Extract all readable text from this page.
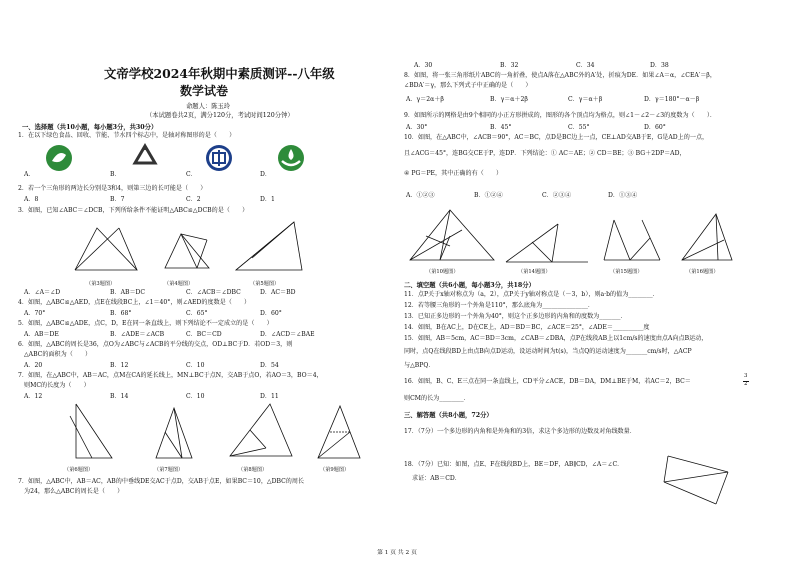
文帝学校2024年秋期中素质测评--八年级
数学试卷
命题人：陈玉玲
（本试题卷共2页，满分120分，考试时间120分钟）
一、选择题（共10小题，每小题3分，共30分）
1．在以下绿色食品、回收、节能、节水四个标志中，是轴对称图形的是（　　）
A．	B．	C．	D．
2．若一个三角形的两边长分别是3和4，则第三边的长可能是（　　）
A．8	B．7	C．2	D．1
3．如图，已知∠ABC＝∠DCB，下列所给条件不能证明△ABC≌△DCB的是（　　）
（第3题图）	（第4题图）	（第5题图）
A．∠A＝∠D	B．AB＝DC	C．∠ACB＝∠DBC	D．AC＝BD
4．如图，△ABC≌△AED，点E在线段BC上，∠1＝40°，则∠AED的度数是（　　）
A．70°	B．68°	C．65°	D．60°
5．如图，△ABC≌△ADE，点C，D，E在同一条直线上，则下列结论不一定成立的是（　　）
A．AB＝DE	B．∠ADE＝∠ACB	C．BC＝CD	D．∠ACD＝∠BAE
6．如图，△ABC的周长是36，点O为∠ABC与∠ACB的平分线的交点，OD⊥BC于D．若OD＝3，则
△ABC的面积为（　　）
A．20	B．12	C．10	D．54
7．如图，在△ABC中，AB＝AC，点M在CA的延长线上，MN⊥BC于点N，交AB于点O，若AO＝3，BO＝4，
则MC的长度为（　　）
A．12	B．14	C．10	D．11
（第6题图）	（第7题图）	（第8题图）	（第9题图）
7．如图，△ABC中，AB＝AC，AB的中垂线DE交AC于点D，交AB于点E，如果BC＝10，△DBC的周长
为24，那么△ABC的周长是（　　）
A．30	B．32	C．34	D．38
8．如图，将一张三角形纸片ABC的一角折叠，使点A落在△ABC外的A′处，折痕为DE．如果∠A＝α，∠CEA′＝β，
∠BDA′＝γ，那么下列式子中正确的是（　　）
A．γ＝2α＋β	B．γ＝α＋2β	C．γ＝α＋β	D．γ＝180°－α－β
9．如图所示的网格是由9个相同的小正方形拼成的，图形的各个顶点均为格点，则∠1－∠2－∠3的度数为（　　）．
A．30°	B．45°	C．55°	D．60°
10．如图，在△ABC中，∠ACB＝90°，AC＝BC，点D是BC边上一点，CE⊥AD交AB于E，G是AD上的一点，
且∠ACG＝45°，连BG交CE于P，连DP．下列结论：① AC＝AE；② CD＝BE；③ BG＋2DP＝AD，
④ PG＝PE，其中正确的有（　　）
A．①②③	B．①②④	C．②③④	D．①③④
（第10题图）	（第14题图）	（第15题图）	（第16题图）
二、填空题（共6小题，每小题3分，共18分）
11．点P关于x轴对称点为（a，2），点P关于y轴对称点是（－3，b），则a·b的值为________．
12．若等腰三角形的一个外角是110°，那么底角为_______________．
13．已知正多边形的一个外角为40°，则这个正多边形的内角和的度数为_______．
14．如图，B在AC上，D在CE上，AD＝BD＝BC，∠ACE＝25°，∠ADE＝__________度
15．如图，AB＝5cm，AC＝BD＝3cm，∠CAB＝∠DBA，点P在线段AB上以1cm/s的速度由点A向点B运动，
同时，点Q在线段BD上由点B向点D运动，设运动时间为t(s)，当点Q的运动速度为_______cm/s时，△ACP
与△BPQ．
16．如图，B、C、E三点在同一条直线上，CD平分∠ACE，DB＝DA，DM⊥BE于M，若AC＝2，BC＝
3
2
则CM的长为________．
三、解答题（共8小题，72分）
17．（7分）一个多边形的内角和是外角和的3倍，求这个多边形的边数及对角线数量．
18．（7分）已知：如图，点E、F在线段BD上，BE＝DF，AB∥CD，∠A＝∠C．
求证：AB＝CD．
第 1 页 共 2 页
